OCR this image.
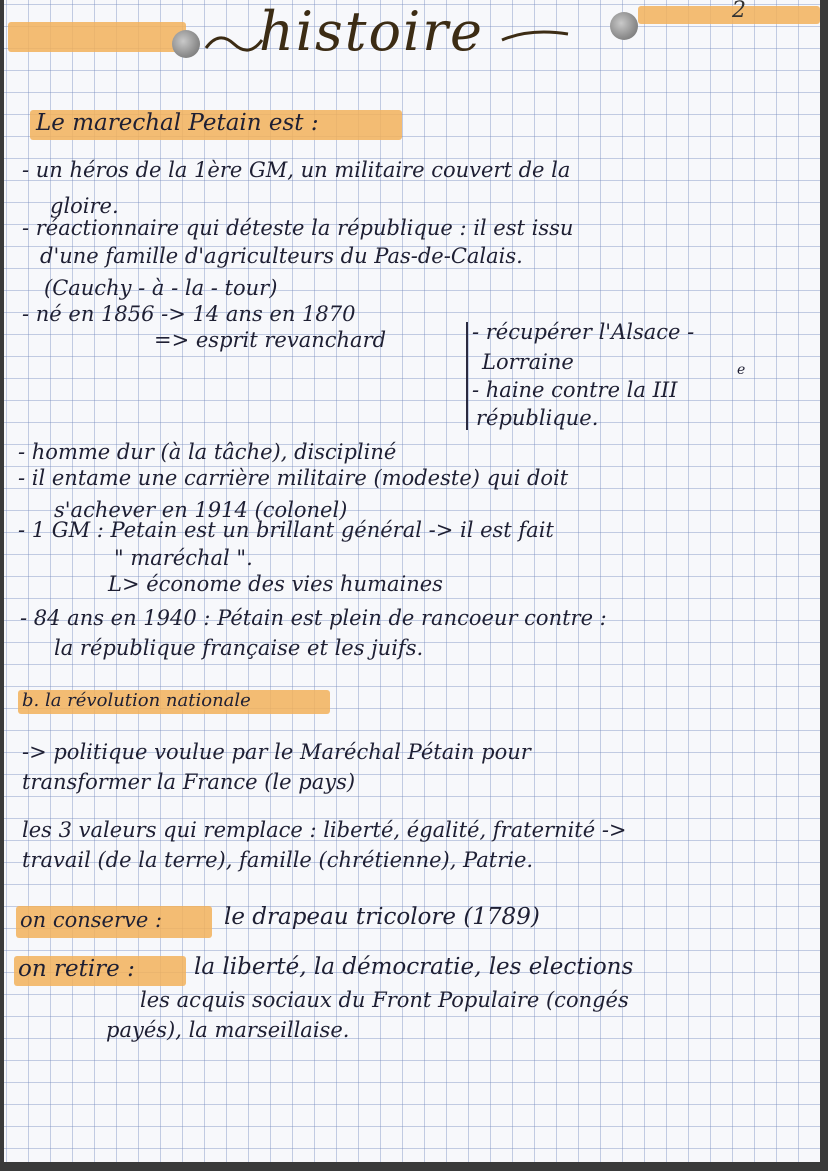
histoire	2
Le marechal Petain est :
- un héros de la 1ère GM, un militaire couvert de la
gloire.
- réactionnaire qui déteste la république : il est issu
d'une famille d'agriculteurs du Pas-de-Calais.
(Cauchy - à - la - tour)
- né en 1856 -> 14 ans en 1870
=> esprit revanchard	- récupérer l'Alsace -
Lorraine
- haine contre la III
e
république.
- homme dur (à la tâche), discipliné
- il entame une carrière militaire (modeste) qui doit
s'achever en 1914 (colonel)
- 1 GM : Petain est un brillant général -> il est fait
" maréchal ".
L> économe des vies humaines
- 84 ans en 1940 : Pétain est plein de rancoeur contre :
la république française et les juifs.
b. la révolution nationale
-> politique voulue par le Maréchal Pétain pour
transformer la France (le pays)
les 3 valeurs qui remplace : liberté, égalité, fraternité ->
travail (de la terre), famille (chrétienne), Patrie.
on conserve :	le drapeau tricolore (1789)
on retire :	la liberté, la démocratie, les elections
les acquis sociaux du Front Populaire (congés
payés), la marseillaise.
